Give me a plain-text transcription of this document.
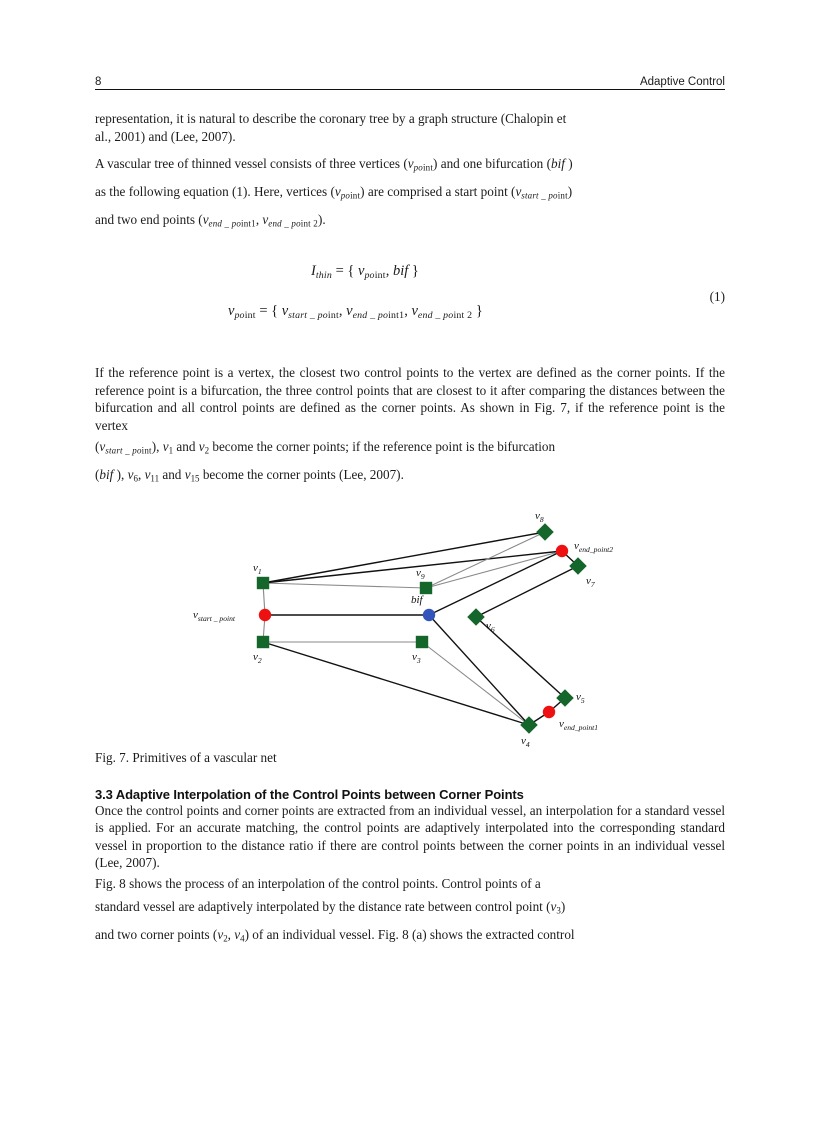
8	Adaptive Control

representation, it is natural to describe the coronary tree by a graph structure (Chalopin et
al., 2001) and (Lee, 2007).

A vascular tree of thinned vessel consists of three vertices $(v_{point})$ and one bifurcation (bif )
as the following equation (1). Here, vertices $(v_{point})$ are comprised a start point $(v_{start \_ point})$
and two end points ($v_{end \_ point1}$, $v_{end \_ point 2}$).

$I_{thin}$ = { $v_{point}$, bif }
$v_{point}$ = { $v_{start \_ point}$, $v_{end \_ point1}$, $v_{end \_ point 2}$ }
(1)

If the reference point is a vertex, the closest two control points to the vertex are defined as the corner points. If the reference point is a bifurcation, the three control points that are closest to it after comparing the distances between the bifurcation and all control points are defined as the corner points. As shown in Fig. 7, if the reference point is the vertex

$(v_{start \_ point})$, $v_1$ and $v_2$ become the corner points; if the reference point is the bifurcation
(bif ), $v_6$, $v_{11}$ and $v_{15}$ become the corner points (Lee, 2007).

$v_1$
$v_{start \_ point}$
$v_2$
$v_9$
bif
$v_3$
$v_8$
$v_{end\_point2}$
$v_7$
$v_6$
$v_5$
$v_{end\_point1}$
$v_4$

Fig. 7. Primitives of a vascular net

3.3 Adaptive Interpolation of the Control Points between Corner Points

Once the control points and corner points are extracted from an individual vessel, an interpolation for a standard vessel is applied. For an accurate matching, the control points are adaptively interpolated into the corresponding standard vessel in proportion to the distance ratio if there are control points between the corner points in an individual vessel (Lee, 2007).

Fig. 8 shows the process of an interpolation of the control points. Control points of a
standard vessel are adaptively interpolated by the distance rate between control point $(v_3)$
and two corner points ($v_2$, $v_4$) of an individual vessel. Fig. 8 (a) shows the extracted control
